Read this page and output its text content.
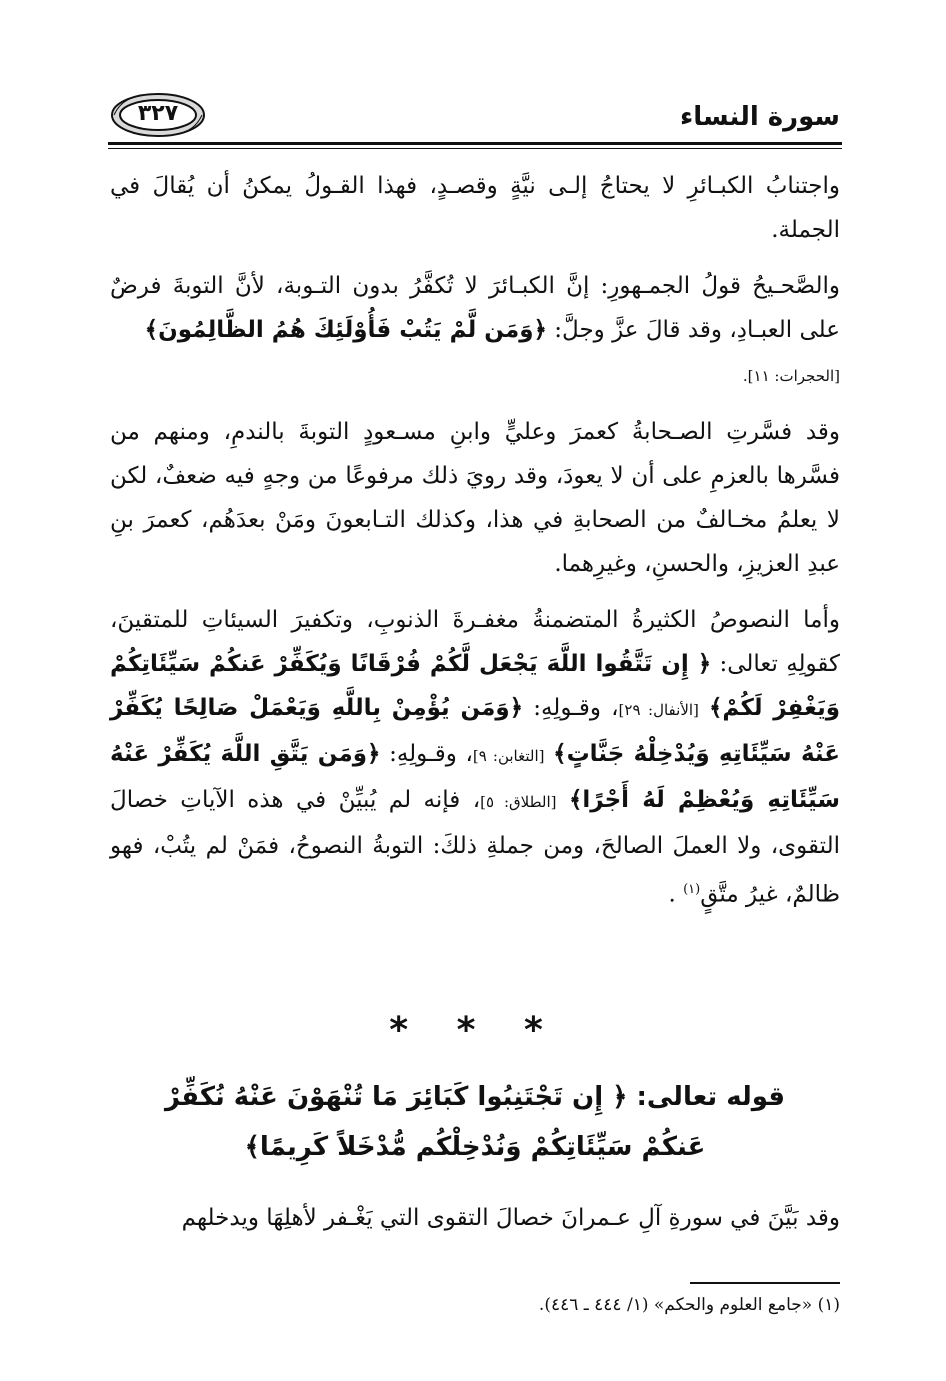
٣٢٧	سورة النساء

واجتنابُ الكبـائرِ لا يحتاجُ إلـى نيَّةٍ وقصـدٍ، فهذا القـولُ يمكنُ أن يُقالَ في الجملة.

والصَّحـيحُ قولُ الجمـهورِ: إنَّ الكبـائرَ لا تُكفَّرُ بدون التـوبة، لأنَّ التوبةَ فرضٌ على العبـادِ، وقد قالَ عزَّ وجلَّ: ﴿وَمَن لَّمْ يَتُبْ فَأُوْلَئِكَ هُمُ الظَّالِمُونَ﴾
[الحجرات: ١١].

وقد فسَّرتِ الصـحابةُ كعمرَ وعليٍّ وابنِ مسـعودٍ التوبةَ بالندمِ، ومنهم من فسَّرها بالعزمِ على أن لا يعودَ، وقد رويَ ذلك مرفوعًا من وجهٍ فيه ضعفٌ، لكن لا يعلمُ مخـالفٌ من الصحابةِ في هذا، وكذلك التـابعونَ ومَنْ بعدَهُم، كعمرَ بنِ عبدِ العزيزِ، والحسنِ، وغيرِهما.

وأما النصوصُ الكثيرةُ المتضمنةُ مغفـرةَ الذنوبِ، وتكفيرَ السيئاتِ للمتقينَ، كقولِهِ تعالى: ﴿ إِن تَتَّقُوا اللَّهَ يَجْعَل لَّكُمْ فُرْقَانًا وَيُكَفِّرْ عَنكُمْ سَيِّئَاتِكُمْ وَيَغْفِرْ لَكُمْ﴾ [الأنفال: ٢٩]، وقـولِهِ: ﴿وَمَن يُؤْمِنْ بِاللَّهِ وَيَعْمَلْ صَالِحًا يُكَفِّرْ عَنْهُ سَيِّئَاتِهِ وَيُدْخِلْهُ جَنَّاتٍ﴾ [التغابن: ٩]، وقـولِهِ: ﴿وَمَن يَتَّقِ اللَّهَ يُكَفِّرْ عَنْهُ سَيِّئَاتِهِ وَيُعْظِمْ لَهُ أَجْرًا﴾ [الطلاق: ٥]، فإنه لم يُبيِّنْ في هذه الآياتِ خصالَ التقوى، ولا العملَ الصالحَ، ومن جملةِ ذلكَ: التوبةُ النصوحُ، فمَنْ لم يتُبْ، فهو ظالمٌ، غيرُ متَّقٍ$^{(١)}$ .

* * *
قوله تعالى: ﴿ إِن تَجْتَنِبُوا كَبَائِرَ مَا تُنْهَوْنَ عَنْهُ نُكَفِّرْ
عَنكُمْ سَيِّئَاتِكُمْ وَنُدْخِلْكُم مُّدْخَلاً كَرِيمًا﴾
وقد بَيَّنَ في سورةِ آلِ عـمرانَ خصالَ التقوى التي يَغْـفر لأهلِهَا ويدخلهم
(١) «جامع العلوم والحكم» (١/ ٤٤٤ ـ ٤٤٦).
